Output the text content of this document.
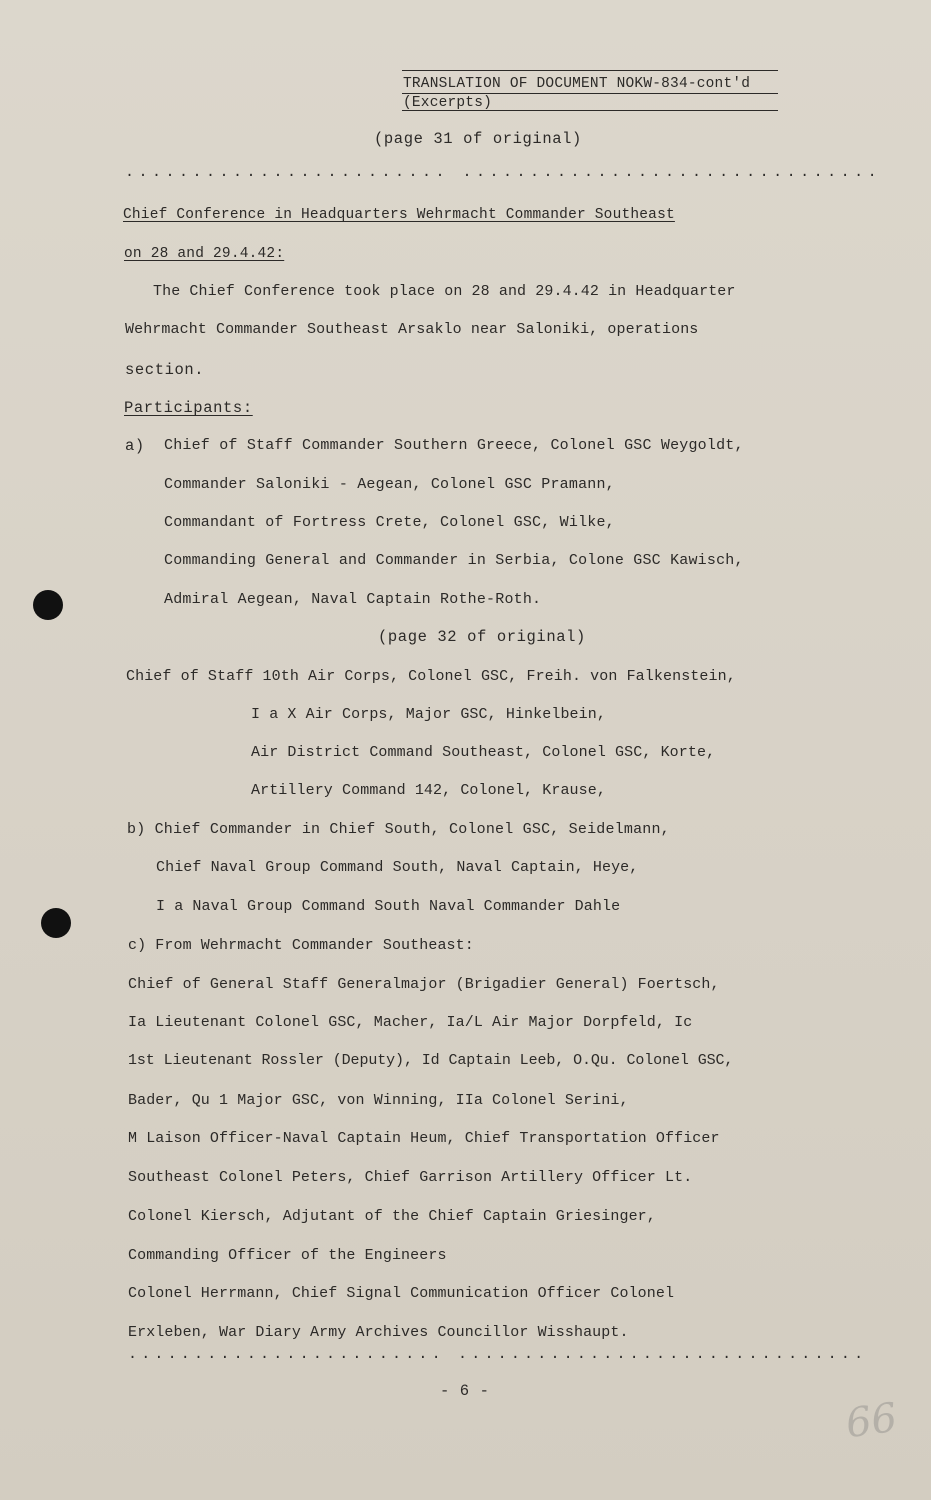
TRANSLATION OF DOCUMENT NOKW-834-cont'd
(Excerpts)
(page 31 of original)
........................ ...............................
Chief Conference in Headquarters Wehrmacht Commander Southeast
on 28 and 29.4.42:
The Chief Conference took place on 28 and 29.4.42 in Headquarter
Wehrmacht Commander Southeast Arsaklo near Saloniki, operations
section.
Participants:
a) Chief of Staff Commander Southern Greece, Colonel GSC Weygoldt,
Commander Saloniki - Aegean, Colonel GSC Pramann,
Commandant of Fortress Crete, Colonel GSC, Wilke,
Commanding General and Commander in Serbia, Colone GSC Kawisch,
Admiral Aegean, Naval Captain Rothe-Roth.
(page 32 of original)
Chief of Staff 10th Air Corps, Colonel GSC, Freih. von Falkenstein,
I a X Air Corps, Major GSC, Hinkelbein,
Air District Command Southeast, Colonel GSC, Korte,
Artillery Command 142, Colonel, Krause,
b) Chief Commander in Chief South, Colonel GSC, Seidelmann,
Chief Naval Group Command South, Naval Captain, Heye,
I a Naval Group Command South Naval Commander Dahle
c) From Wehrmacht Commander Southeast:
Chief of General Staff Generalmajor (Brigadier General) Foertsch,
Ia Lieutenant Colonel GSC, Macher, Ia/L Air Major Dorpfeld, Ic
1st Lieutenant Rossler (Deputy), Id Captain Leeb, O.Qu. Colonel GSC,
Bader, Qu 1 Major GSC, von Winning, IIa Colonel Serini,
M Laison Officer-Naval Captain Heum, Chief Transportation Officer
Southeast Colonel Peters, Chief Garrison Artillery Officer Lt.
Colonel Kiersch, Adjutant of the Chief Captain Griesinger,
Commanding Officer of the Engineers
Colonel Herrmann, Chief Signal Communication Officer Colonel
Erxleben, War Diary Army Archives Councillor Wisshaupt.
........................ ...............................
- 6 -
66
